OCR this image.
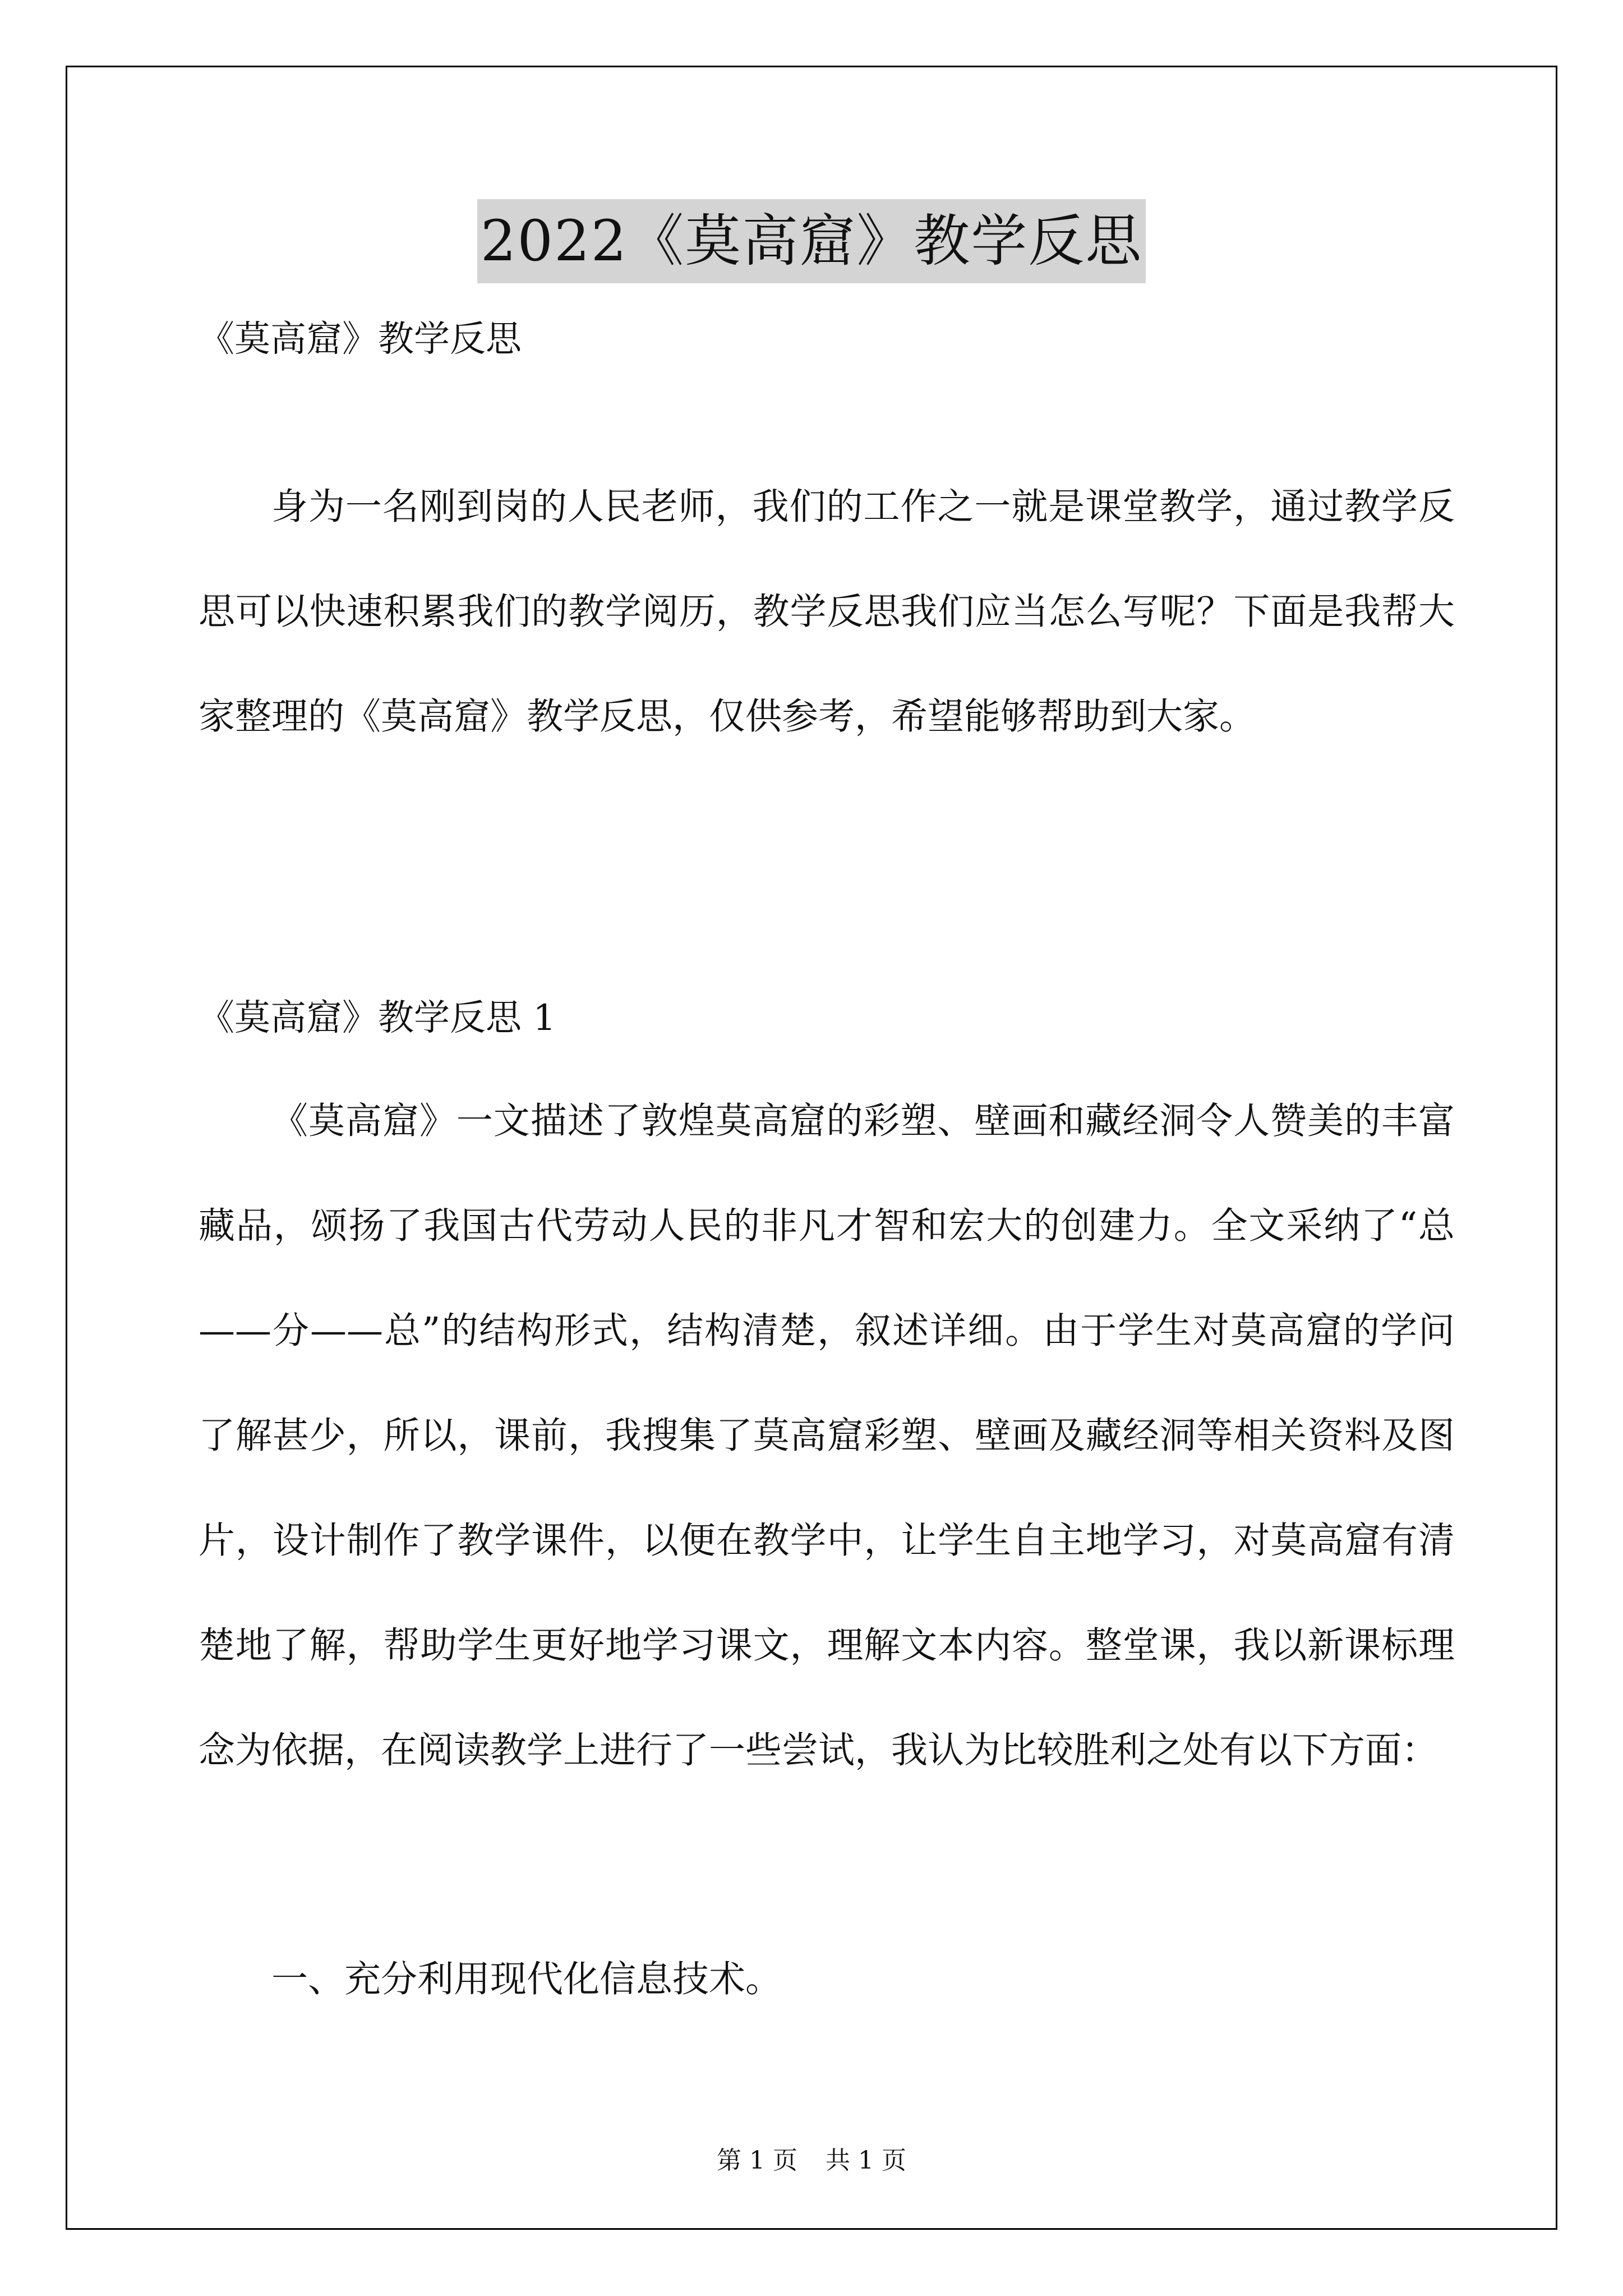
2022《莫高窟》教学反思

《莫高窟》教学反思

身为一名刚到岗的人民老师，我们的工作之一就是课堂教学，通过教学反思可以快速积累我们的教学阅历，教学反思我们应当怎么写呢？下面是我帮大家整理的《莫高窟》教学反思，仅供参考，希望能够帮助到大家。

《莫高窟》教学反思 1

《莫高窟》一文描述了敦煌莫高窟的彩塑、壁画和藏经洞令人赞美的丰富藏品，颂扬了我国古代劳动人民的非凡才智和宏大的创建力。全文采纳了“总——分——总”的结构形式，结构清楚，叙述详细。由于学生对莫高窟的学问了解甚少，所以，课前，我搜集了莫高窟彩塑、壁画及藏经洞等相关资料及图片，设计制作了教学课件，以便在教学中，让学生自主地学习，对莫高窟有清楚地了解，帮助学生更好地学习课文，理解文本内容。整堂课，我以新课标理念为依据，在阅读教学上进行了一些尝试，我认为比较胜利之处有以下方面：

一、充分利用现代化信息技术。

第 1 页 共 1 页
